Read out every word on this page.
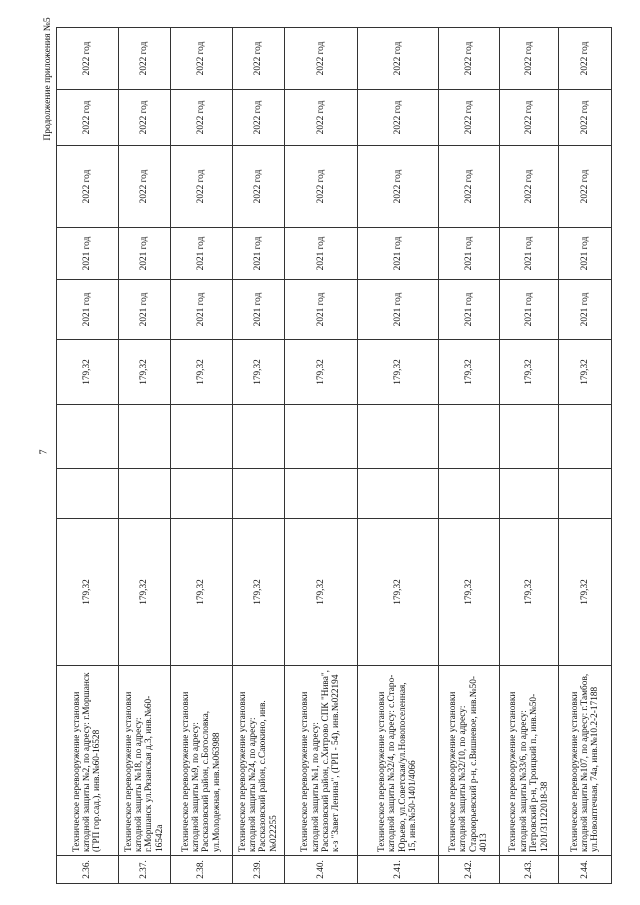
7
Продолжение приложения №5
2.36.	Техническое перевооружение установки катодной защиты №2, по адресу: г.Моршанск (ГРП гор.сад.), инв.№60-16528	179,32			179,32	2021 год	2021 год	2022 год	2022 год	2022 год
2.37.	Техническое перевооружение установки катодной защиты №18, по адресу: г.Моршанск ул.Рязанская д.3, инв.№60-16542а	179,32			179,32	2021 год	2021 год	2022 год	2022 год	2022 год
2.38.	Техническое перевооружение установки катодной защиты №9, по адресу: Рассказовский район, с.Богословка, ул.Молодежная, инв.№063988	179,32			179,32	2021 год	2021 год	2022 год	2022 год	2022 год
2.39.	Техническое перевооружение установки катодной защиты №24, по адресу: Рассказовский район, с.Саюкино, инв.№022255	179,32			179,32	2021 год	2021 год	2022 год	2022 год	2022 год
2.40.	Техническое перевооружение установки катодной защиты №1, по адресу: Рассказовский район, с.Хитрово СПК "Нива", к-з "Завет Ленина", (ГРП - 54), инв.№022194	179,32			179,32	2021 год	2021 год	2022 год	2022 год	2022 год
2.41.	Техническое перевооружение установки катодной защиты №32/4, по адресу: с.Старо-Юрьево, ул.Советская/ул.Новопоселенная, 15, инв.№50-1401/4066	179,32			179,32	2021 год	2021 год	2022 год	2022 год	2022 год
2.42.	Техническое перевооружение установки катодной защиты №32/10, по адресу: Староюрьевский р-н, с.Вишневое, инв.№50-4013	179,32			179,32	2021 год	2021 год	2022 год	2022 год	2022 год
2.43.	Техническое перевооружение установки катодной защиты №33/6, по адресу: Петровский р-н, Троицкий п., инв.№50-1201/31122018-38	179,32			179,32	2021 год	2021 год	2022 год	2022 год	2022 год
2.44.	Техническое перевооружение установки катодной защиты №107, по адресу: г.Тамбов, ул.Новоаптечная, 74а, инв.№10.2-2-17188	179,32			179,32	2021 год	2021 год	2022 год	2022 год	2022 год
